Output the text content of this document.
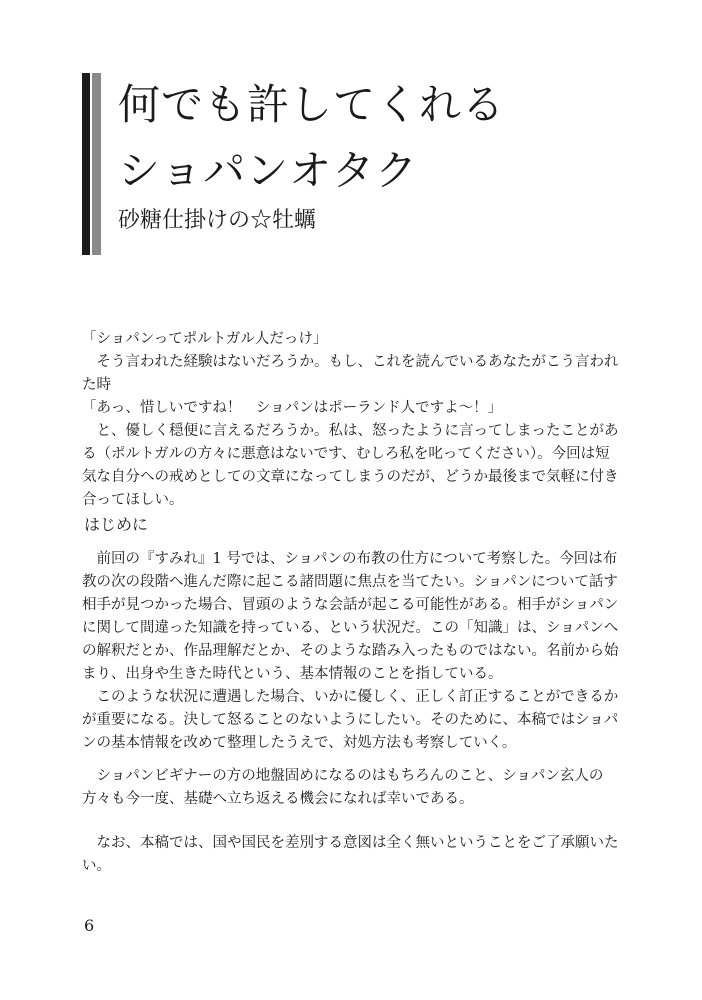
何でも許してくれる
ショパンオタク
砂糖仕掛けの☆牡蠣

「ショパンってポルトガル人だっけ」

そう言われた経験はないだろうか。もし、これを読んでいるあなたがこう言われた時

「あっ、惜しいですね！　ショパンはポーランド人ですよ～！」

と、優しく穏便に言えるだろうか。私は、怒ったように言ってしまったことがある（ポルトガルの方々に悪意はないです、むしろ私を叱ってください）。今回は短気な自分への戒めとしての文章になってしまうのだが、どうか最後まで気軽に付き合ってほしい。

はじめに

前回の『すみれ』1 号では、ショパンの布教の仕方について考察した。今回は布教の次の段階へ進んだ際に起こる諸問題に焦点を当てたい。ショパンについて話す相手が見つかった場合、冒頭のような会話が起こる可能性がある。相手がショパンに関して間違った知識を持っている、という状況だ。この「知識」は、ショパンへの解釈だとか、作品理解だとか、そのような踏み入ったものではない。名前から始まり、出身や生きた時代という、基本情報のことを指している。

このような状況に遭遇した場合、いかに優しく、正しく訂正することができるかが重要になる。決して怒ることのないようにしたい。そのために、本稿ではショパンの基本情報を改めて整理したうえで、対処方法も考察していく。

ショパンビギナーの方の地盤固めになるのはもちろんのこと、ショパン玄人の方々も今一度、基礎へ立ち返える機会になれば幸いである。

なお、本稿では、国や国民を差別する意図は全く無いということをご了承願いたい。

6
